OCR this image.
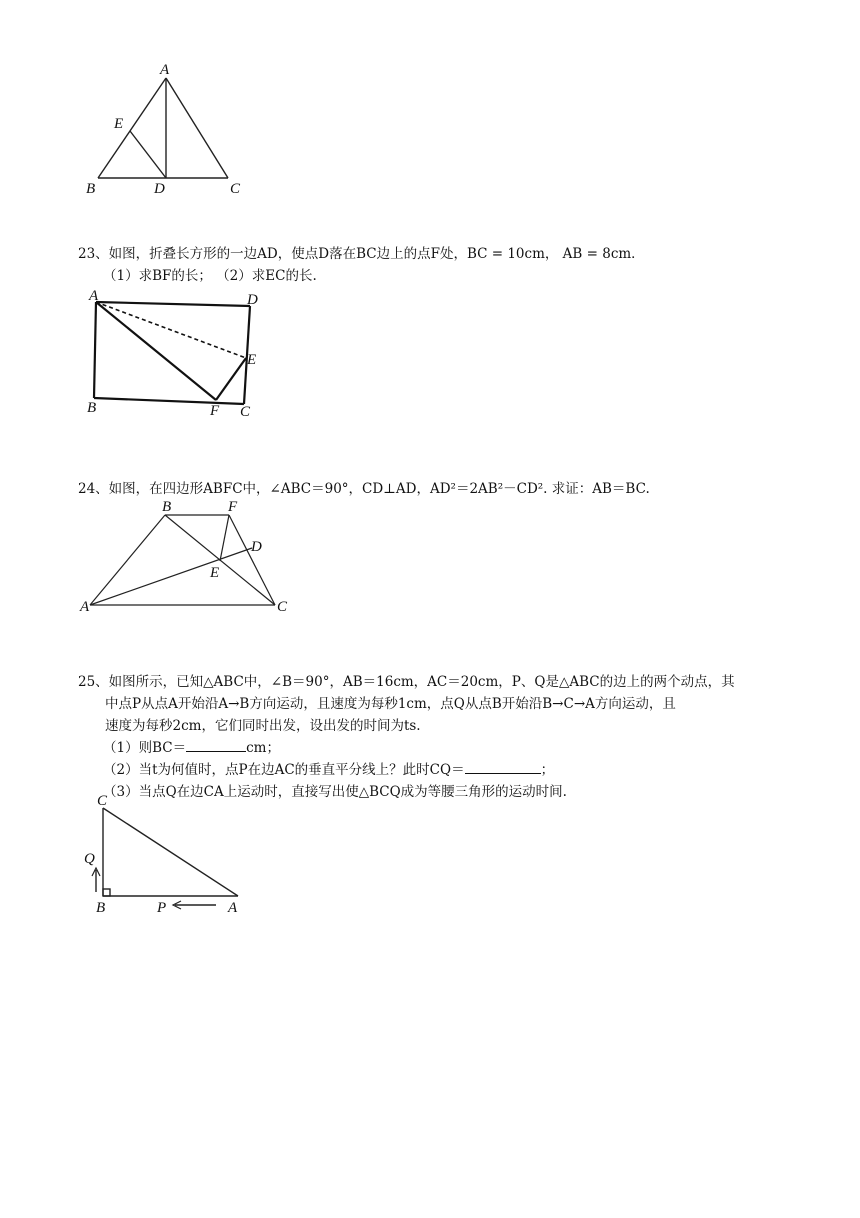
A
E
B	D	C
23、如图，折叠长方形的一边AD，使点D落在BC边上的点F处，BC = 10cm， AB = 8cm．
（1）求BF的长； （2）求EC的长.
A	D
E
B	F C
24、如图，在四边形ABFC中，∠ABC＝90°，CD⊥AD，AD²＝2AB²－CD². 求证：AB＝BC.
B	F
D
E
A	C
25、如图所示，已知△ABC中，∠B＝90°，AB＝16cm，AC＝20cm，P、Q是△ABC的边上的两个动点，其
中点P从点A开始沿A→B方向运动，且速度为每秒1cm，点Q从点B开始沿B→C→A方向运动，且
速度为每秒2cm，它们同时出发，设出发的时间为ts.
（1）则BC＝	cm；
（2）当t为何值时，点P在边AC的垂直平分线上？此时CQ＝	；
（3）当点Q在边CA上运动时，直接写出使△BCQ成为等腰三角形的运动时间.
C
Q
B	P	A
